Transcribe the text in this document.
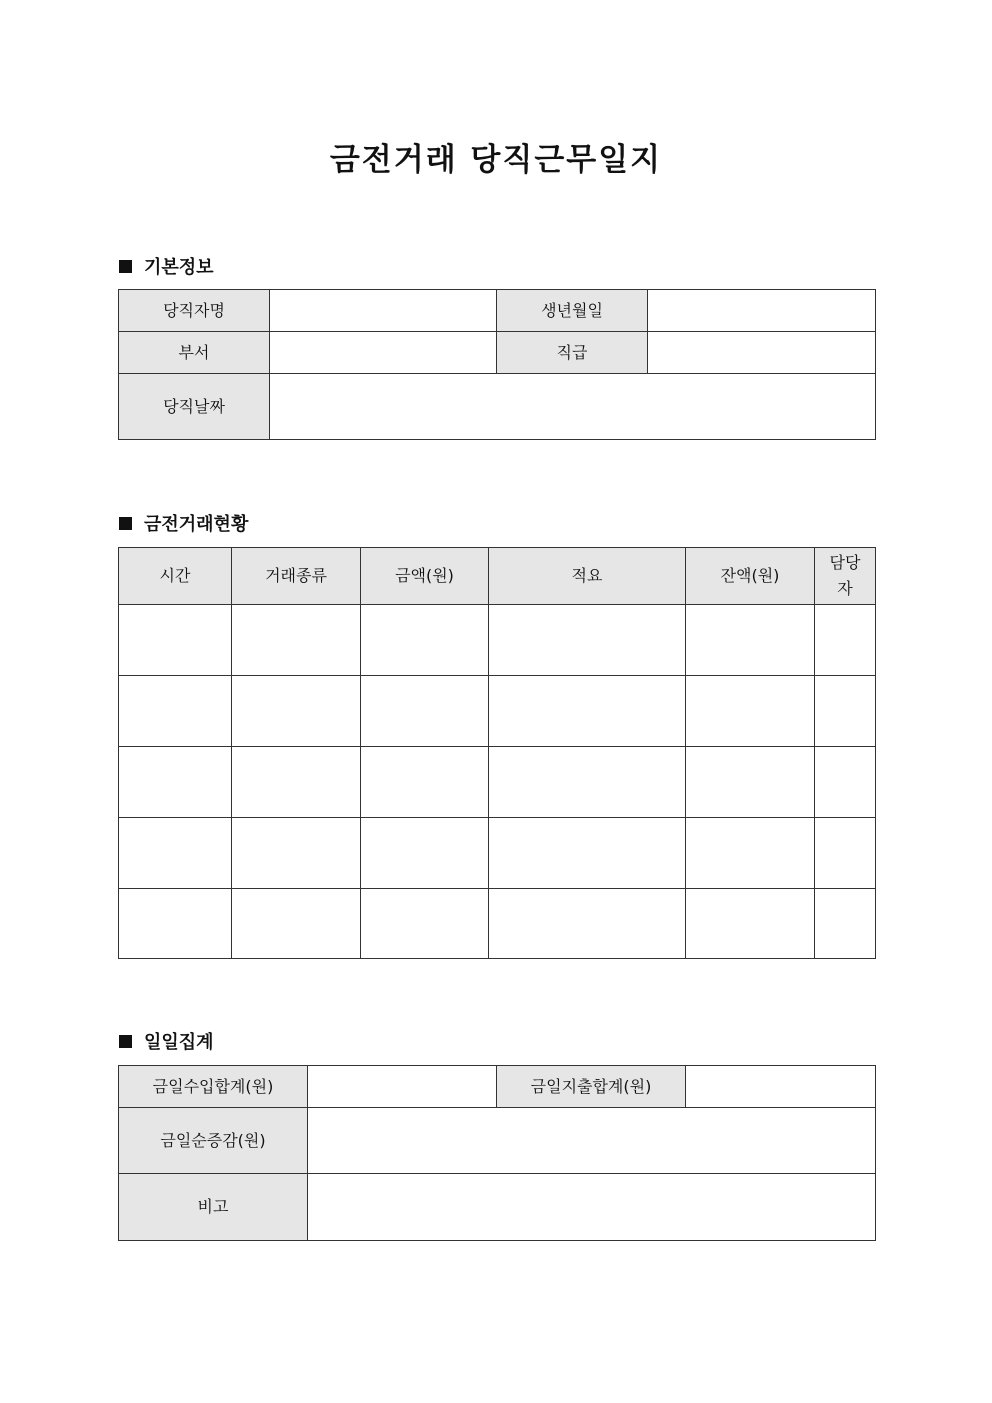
금전거래 당직근무일지
기본정보
당직자명		생년월일	
부서		직급	
당직날짜			
금전거래현황
시간	거래종류	금액(원)	적요	잔액(원)	담당자

일일집계
금일수입합계(원)		금일지출합계(원)	
금일순증감(원)			
비고			
